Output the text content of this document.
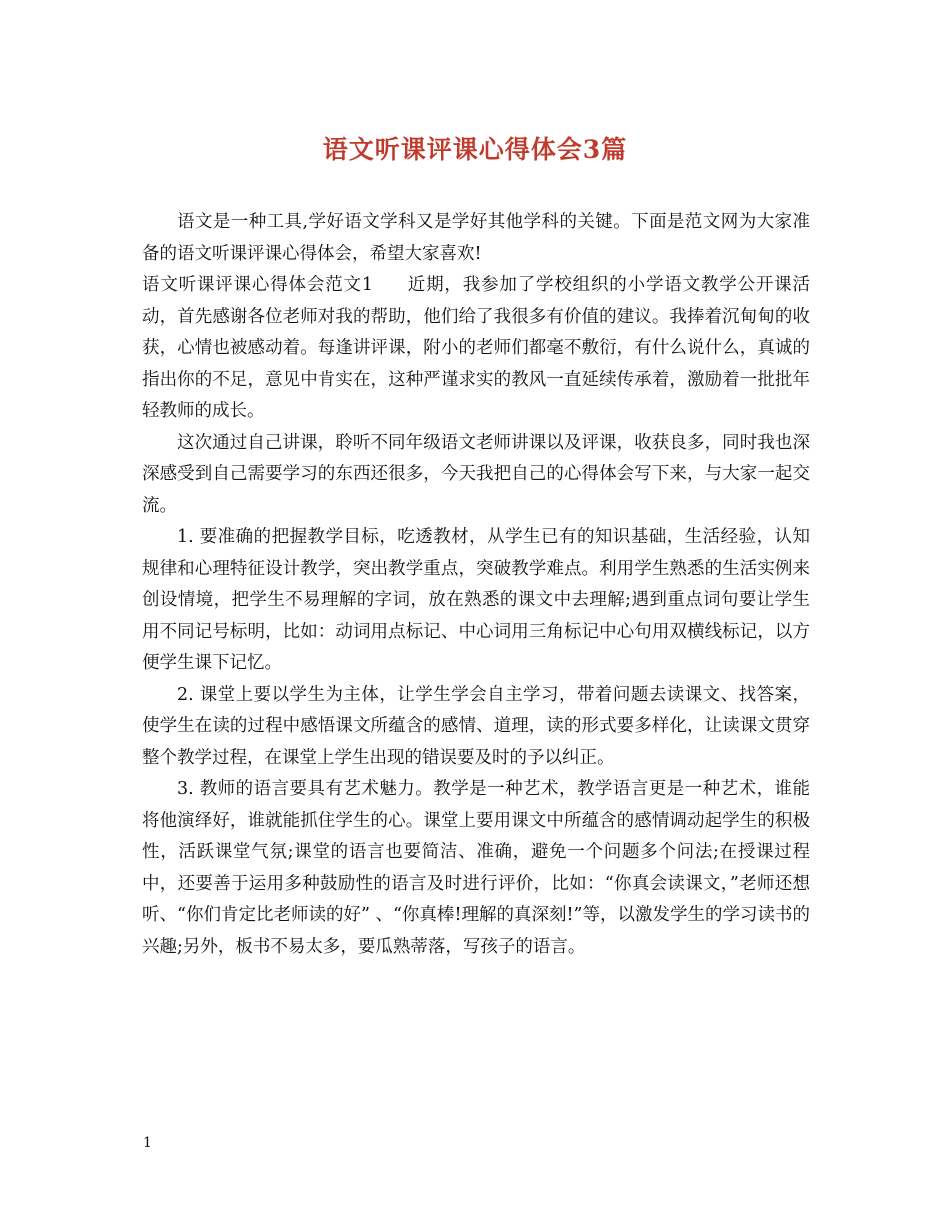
语文听课评课心得体会3篇

语文是一种工具,学好语文学科又是学好其他学科的关键。下面是范文网为大家准备的语文听课评课心得体会，希望大家喜欢!

语文听课评课心得体会范文1 近期，我参加了学校组织的小学语文教学公开课活动，首先感谢各位老师对我的帮助，他们给了我很多有价值的建议。我捧着沉甸甸的收获，心情也被感动着。每逢讲评课，附小的老师们都毫不敷衍，有什么说什么，真诚的指出你的不足，意见中肯实在，这种严谨求实的教风一直延续传承着，激励着一批批年轻教师的成长。

这次通过自己讲课，聆听不同年级语文老师讲课以及评课，收获良多，同时我也深深感受到自己需要学习的东西还很多，今天我把自己的心得体会写下来，与大家一起交流。

1. 要准确的把握教学目标，吃透教材，从学生已有的知识基础，生活经验，认知规律和心理特征设计教学，突出教学重点，突破教学难点。利用学生熟悉的生活实例来创设情境，把学生不易理解的字词，放在熟悉的课文中去理解;遇到重点词句要让学生用不同记号标明，比如：动词用点标记、中心词用三角标记中心句用双横线标记，以方便学生课下记忆。

2. 课堂上要以学生为主体，让学生学会自主学习，带着问题去读课文、找答案，使学生在读的过程中感悟课文所蕴含的感情、道理，读的形式要多样化，让读课文贯穿整个教学过程，在课堂上学生出现的错误要及时的予以纠正。

3. 教师的语言要具有艺术魅力。教学是一种艺术，教学语言更是一种艺术，谁能将他演绎好，谁就能抓住学生的心。课堂上要用课文中所蕴含的感情调动起学生的积极性，活跃课堂气氛;课堂的语言也要简洁、准确，避免一个问题多个问法;在授课过程中，还要善于运用多种鼓励性的语言及时进行评价，比如：“你真会读课文，”老师还想听、“你们肯定比老师读的好” 、“你真棒!理解的真深刻!”等，以激发学生的学习读书的兴趣;另外，板书不易太多，要瓜熟蒂落，写孩子的语言。

1
